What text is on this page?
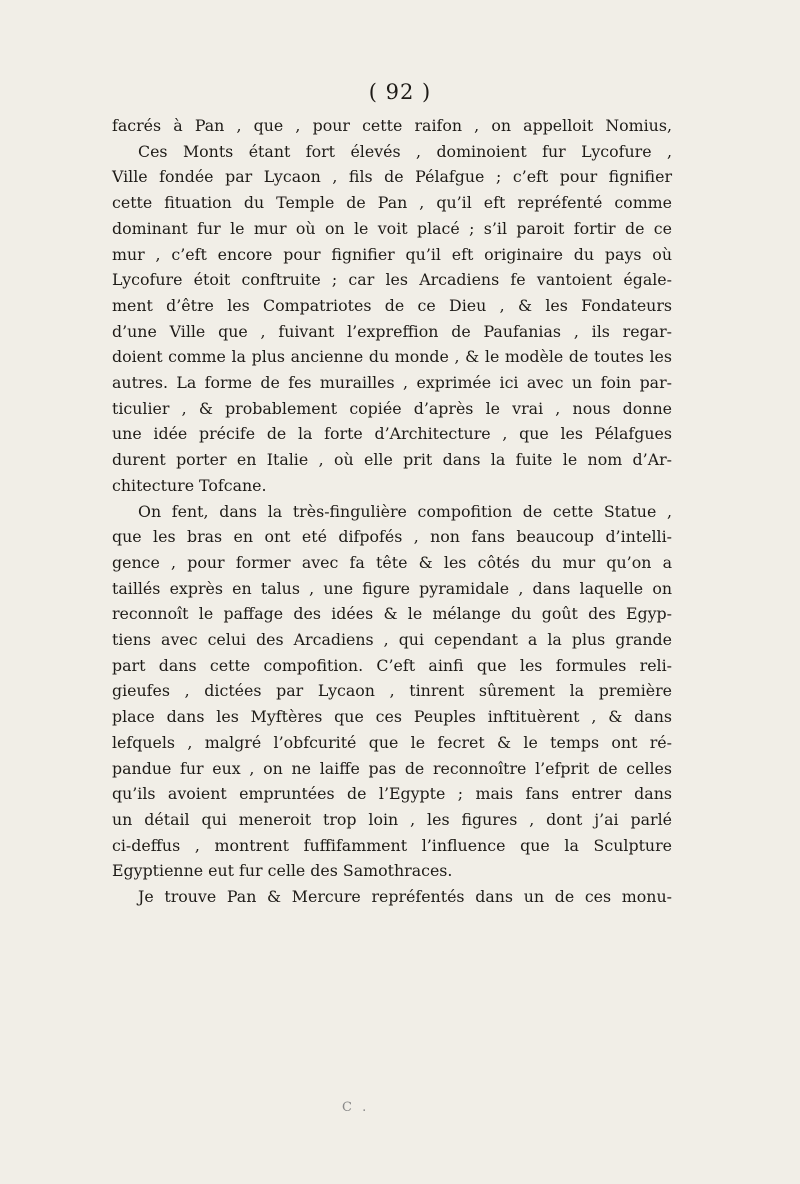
( 92 )
facrés à Pan , que , pour cette raifon , on appelloit Nomius,
Ces Monts étant fort élevés , dominoient fur Lycofure ,
Ville fondée par Lycaon , fils de Pélafgue ; c’eft pour fignifier
cette fituation du Temple de Pan , qu’il eft repréfenté comme
dominant fur le mur où on le voit placé ; s’il paroit fortir de ce
mur , c’eft encore pour fignifier qu’il eft originaire du pays où
Lycofure étoit conftruite ; car les Arcadiens fe vantoient égale-
ment d’être les Compatriotes de ce Dieu , & les Fondateurs
d’une Ville que , fuivant l’expreffion de Paufanias , ils regar-
doient comme la plus ancienne du monde , & le modèle de toutes les
autres. La forme de fes murailles , exprimée ici avec un foin par-
ticulier , & probablement copiée d’après le vrai , nous donne
une idée précife de la forte d’Architecture , que les Pélafgues
durent porter en Italie , où elle prit dans la fuite le nom d’Ar-
chitecture Tofcane.
On fent, dans la très-fingulière compofition de cette Statue ,
que les bras en ont eté difpofés , non fans beaucoup d’intelli-
gence , pour former avec fa tête & les côtés du mur qu’on a
taillés exprès en talus , une figure pyramidale , dans laquelle on
reconnoît le paffage des idées & le mélange du goût des Egyp-
tiens avec celui des Arcadiens , qui cependant a la plus grande
part dans cette compofition. C’eft ainfi que les formules reli-
gieufes , dictées par Lycaon , tinrent sûrement la première
place dans les Myftères que ces Peuples inftituèrent , & dans
lefquels , malgré l’obfcurité que le fecret & le temps ont ré-
pandue fur eux , on ne laiffe pas de reconnoître l’efprit de celles
qu’ils avoient empruntées de l’Egypte ; mais fans entrer dans
un détail qui meneroit trop loin , les figures , dont j’ai parlé
ci-deffus , montrent fuffifamment l’influence que la Sculpture
Egyptienne eut fur celle des Samothraces.
Je trouve Pan & Mercure repréfentés dans un de ces monu-
C .
